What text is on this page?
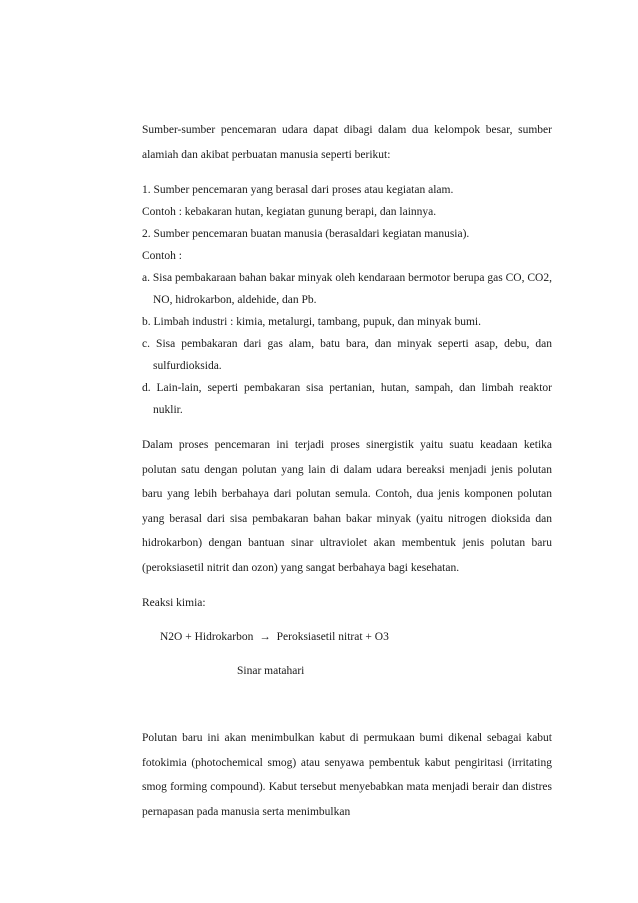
Sumber-sumber pencemaran udara dapat dibagi dalam dua kelompok besar, sumber alamiah dan akibat perbuatan manusia seperti berikut:

1. Sumber pencemaran yang berasal dari proses atau kegiatan alam.

Contoh : kebakaran hutan, kegiatan gunung berapi, dan lainnya.

2. Sumber pencemaran buatan manusia (berasaldari kegiatan manusia).

Contoh :

a. Sisa pembakaraan bahan bakar minyak oleh kendaraan bermotor berupa gas CO, CO2, NO, hidrokarbon, aldehide, dan Pb.

b. Limbah industri : kimia, metalurgi, tambang, pupuk, dan minyak bumi.

c. Sisa pembakaran dari gas alam, batu bara, dan minyak seperti asap, debu, dan sulfurdioksida.

d. Lain-lain, seperti pembakaran sisa pertanian, hutan, sampah, dan limbah reaktor nuklir.

Dalam proses pencemaran ini terjadi proses sinergistik yaitu suatu keadaan ketika polutan satu dengan polutan yang lain di dalam udara bereaksi menjadi jenis polutan baru yang lebih berbahaya dari polutan semula. Contoh, dua jenis komponen polutan yang berasal dari sisa pembakaran bahan bakar minyak (yaitu nitrogen dioksida dan hidrokarbon) dengan bantuan sinar ultraviolet akan membentuk jenis polutan baru (peroksiasetil nitrit dan ozon) yang sangat berbahaya bagi kesehatan.

Reaksi kimia:

N2O + Hidrokarbon → Peroksiasetil nitrat + O3

Sinar matahari

Polutan baru ini akan menimbulkan kabut di permukaan bumi dikenal sebagai kabut fotokimia (photochemical smog) atau senyawa pembentuk kabut pengiritasi (irritating smog forming compound). Kabut tersebut menyebabkan mata menjadi berair dan distres pernapasan pada manusia serta menimbulkan
